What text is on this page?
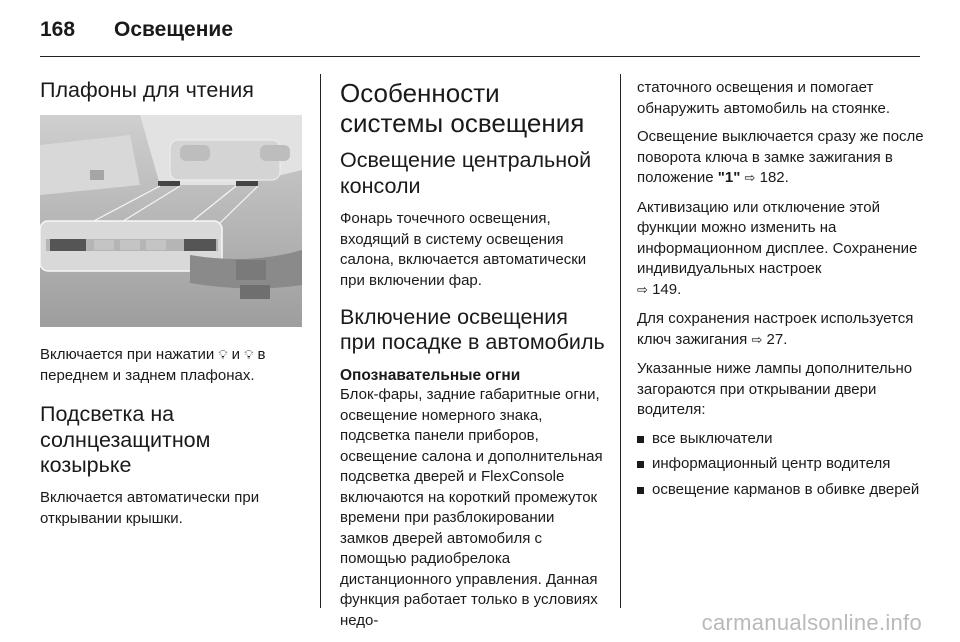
168 Освещение
Плафоны для чтения

Включается при нажатии 💡︎ и 💡︎ в переднем и заднем плафонах.

Подсветка на солнцезащитном козырьке

Включается автоматически при открывании крышки.

Особенности системы освещения
Освещение центральной консоли

Фонарь точечного освещения, входящий в систему освещения салона, включается автоматически при включении фар.

Включение освещения при посадке в автомобиль
Опознавательные огни

Блок-фары, задние габаритные огни, освещение номерного знака, подсветка панели приборов, освещение салона и дополнительная подсветка дверей и FlexConsole включаются на короткий промежуток времени при разблокировании замков дверей автомобиля с помощью радиобрелока дистанционного управления. Данная функция работает только в условиях недо-

статочного освещения и помогает обнаружить автомобиль на стоянке.

Освещение выключается сразу же после поворота ключа в замке зажигания в положение "1" ⇨ 182.

Активизацию или отключение этой функции можно изменить на информационном дисплее. Сохранение индивидуальных настроек
⇨ 149.

Для сохранения настроек используется ключ зажигания ⇨ 27.

Указанные ниже лампы дополнительно загораются при открывании двери водителя:

все выключатели
информационный центр водителя
освещение карманов в обивке дверей
carmanualsonline.info
